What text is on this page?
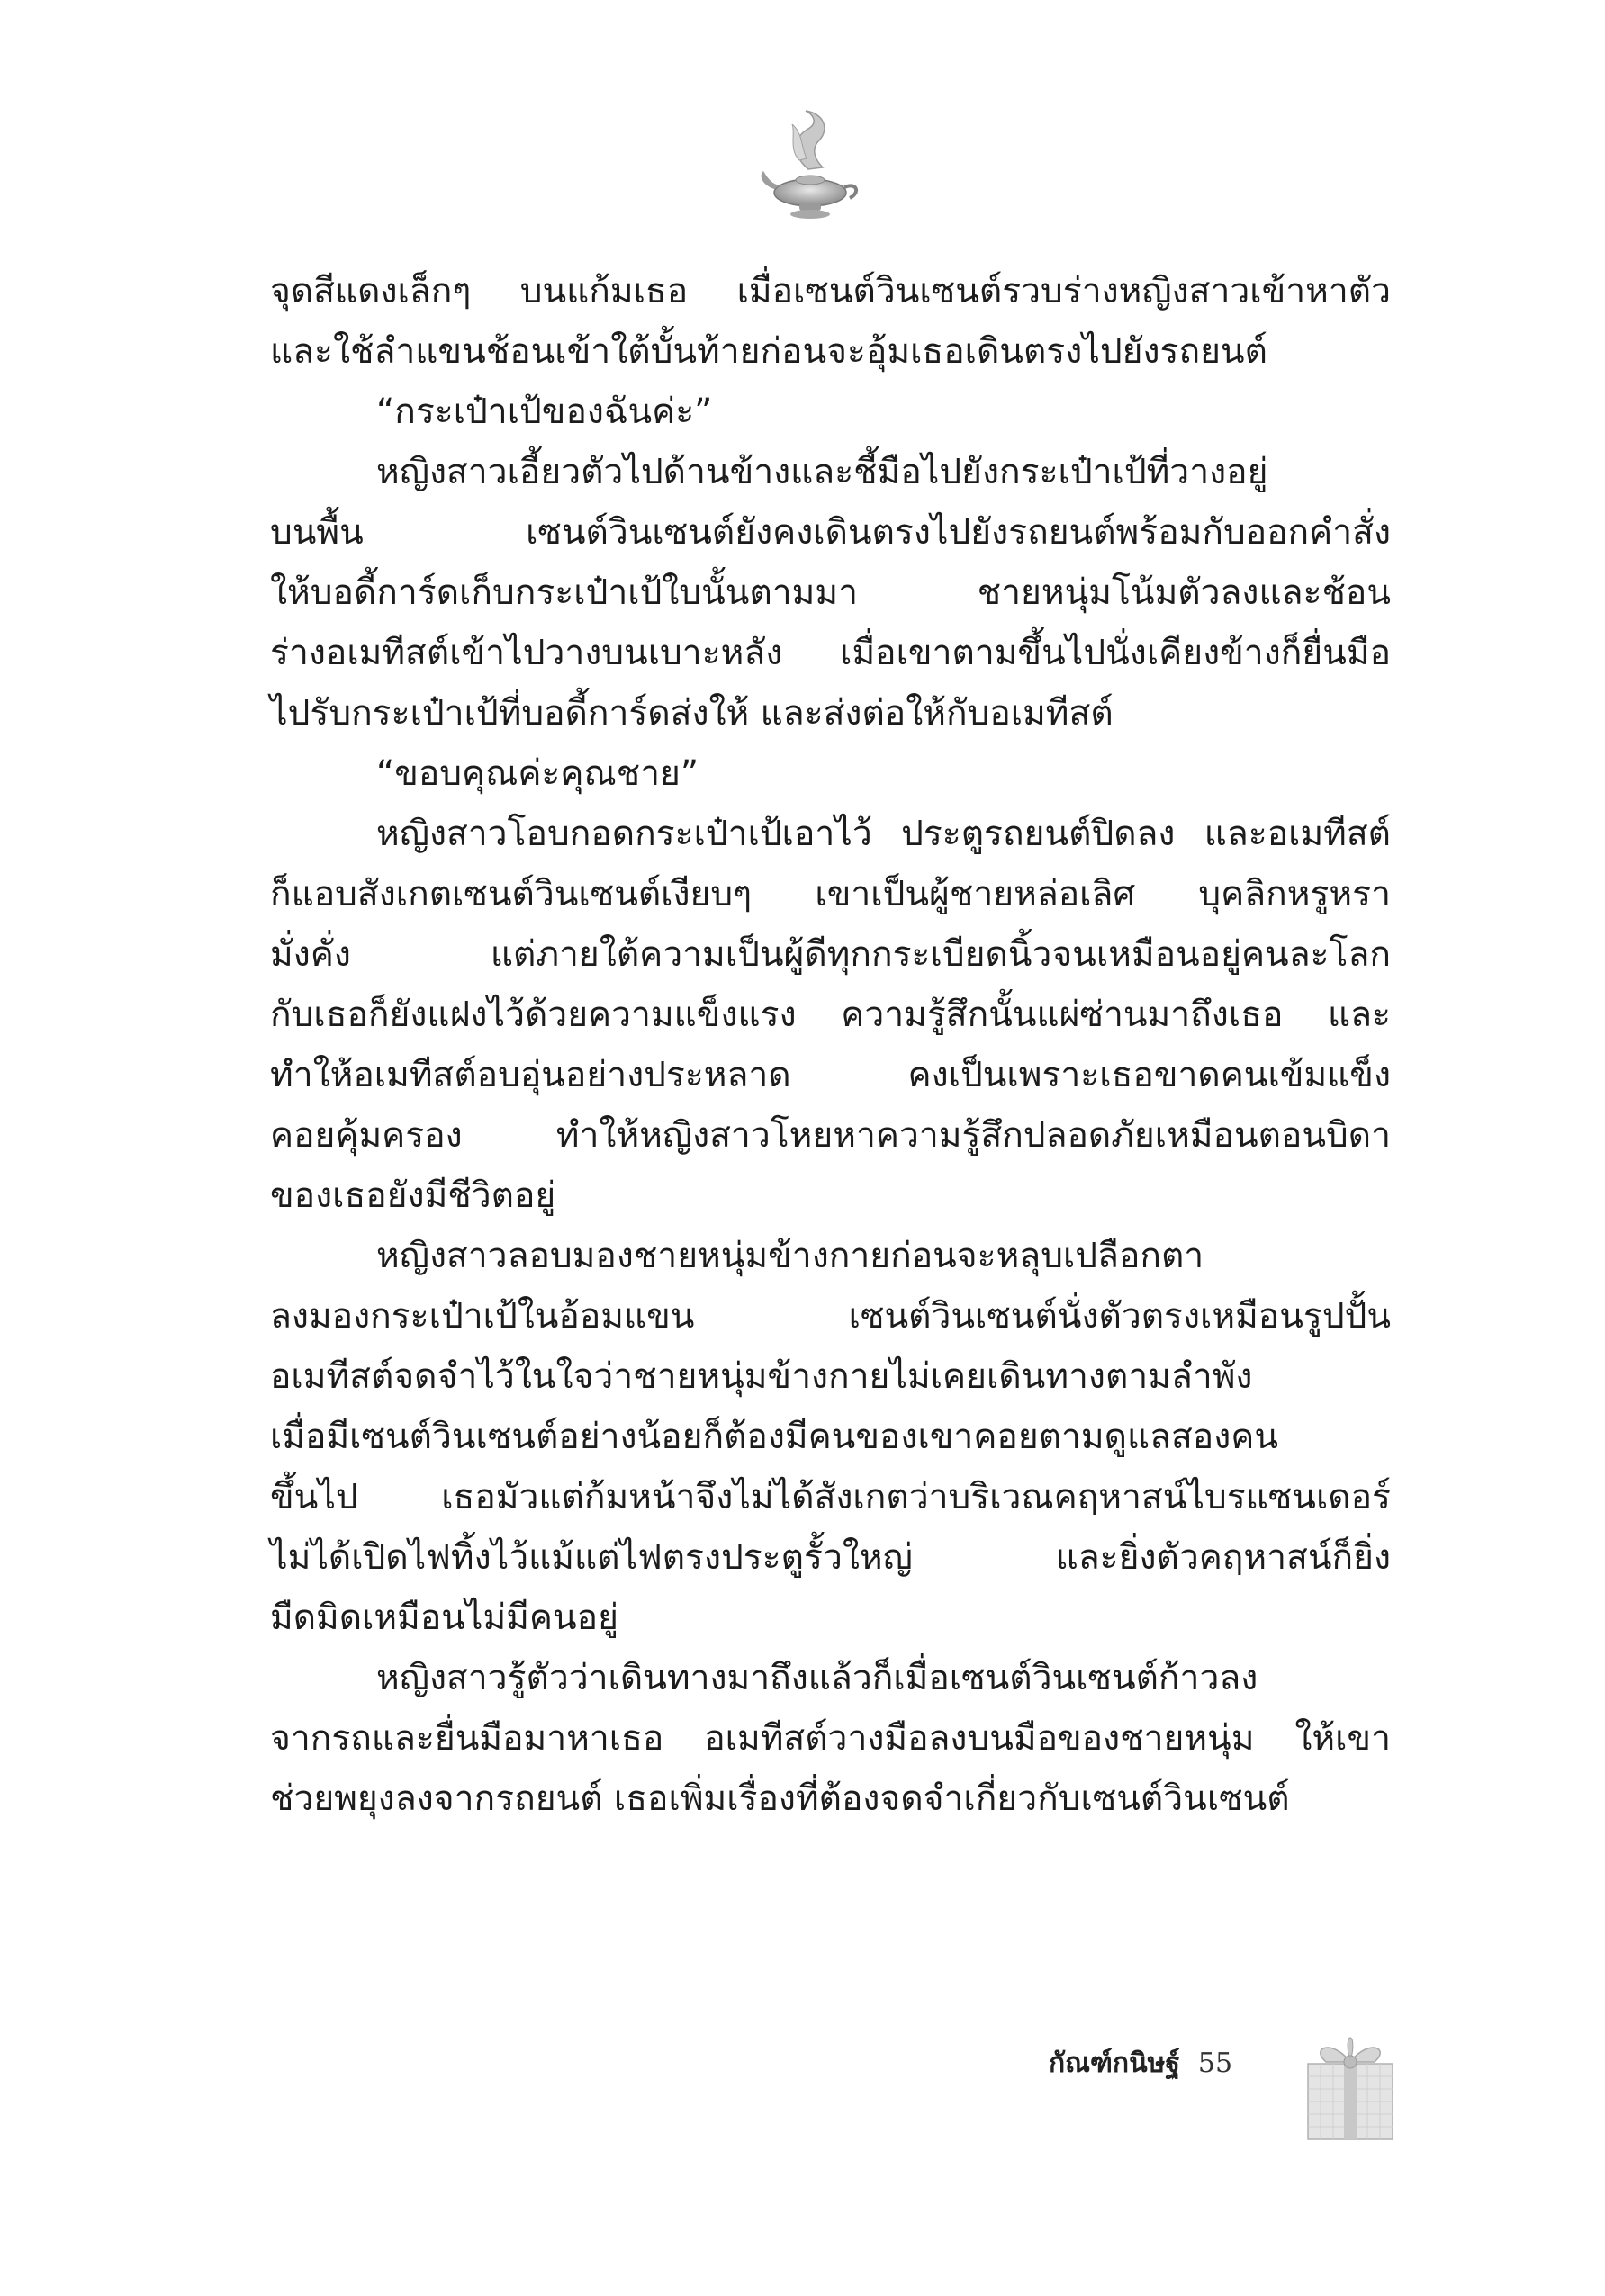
จุดสีแดงเล็กๆ บนแก้มเธอ เมื่อเซนต์วินเซนต์รวบร่างหญิงสาวเข้าหาตัว

และใช้ลำแขนช้อนเข้าใต้บั้นท้ายก่อนจะอุ้มเธอเดินตรงไปยังรถยนต์

“กระเป๋าเป้ของฉันค่ะ”

หญิงสาวเอี้ยวตัวไปด้านข้างและชี้มือไปยังกระเป๋าเป้ที่วางอยู่

บนพื้น เซนต์วินเซนต์ยังคงเดินตรงไปยังรถยนต์พร้อมกับออกคำสั่ง

ให้บอดี้การ์ดเก็บกระเป๋าเป้ใบนั้นตามมา ชายหนุ่มโน้มตัวลงและช้อน

ร่างอเมทีสต์เข้าไปวางบนเบาะหลัง เมื่อเขาตามขึ้นไปนั่งเคียงข้างก็ยื่นมือ

ไปรับกระเป๋าเป้ที่บอดี้การ์ดส่งให้ และส่งต่อให้กับอเมทีสต์

“ขอบคุณค่ะคุณชาย”

หญิงสาวโอบกอดกระเป๋าเป้เอาไว้ ประตูรถยนต์ปิดลง และอเมทีสต์

ก็แอบสังเกตเซนต์วินเซนต์เงียบๆ เขาเป็นผู้ชายหล่อเลิศ บุคลิกหรูหรา

มั่งคั่ง แต่ภายใต้ความเป็นผู้ดีทุกกระเบียดนิ้วจนเหมือนอยู่คนละโลก

กับเธอก็ยังแฝงไว้ด้วยความแข็งแรง ความรู้สึกนั้นแผ่ซ่านมาถึงเธอ และ

ทำให้อเมทีสต์อบอุ่นอย่างประหลาด คงเป็นเพราะเธอขาดคนเข้มแข็ง

คอยคุ้มครอง ทำให้หญิงสาวโหยหาความรู้สึกปลอดภัยเหมือนตอนบิดา

ของเธอยังมีชีวิตอยู่

หญิงสาวลอบมองชายหนุ่มข้างกายก่อนจะหลุบเปลือกตา

ลงมองกระเป๋าเป้ในอ้อมแขน เซนต์วินเซนต์นั่งตัวตรงเหมือนรูปปั้น

อเมทีสต์จดจำไว้ในใจว่าชายหนุ่มข้างกายไม่เคยเดินทางตามลำพัง

เมื่อมีเซนต์วินเซนต์อย่างน้อยก็ต้องมีคนของเขาคอยตามดูแลสองคน

ขึ้นไป เธอมัวแต่ก้มหน้าจึงไม่ได้สังเกตว่าบริเวณคฤหาสน์ไบรแซนเดอร์

ไม่ได้เปิดไฟทิ้งไว้แม้แต่ไฟตรงประตูรั้วใหญ่ และยิ่งตัวคฤหาสน์ก็ยิ่ง

มืดมิดเหมือนไม่มีคนอยู่

หญิงสาวรู้ตัวว่าเดินทางมาถึงแล้วก็เมื่อเซนต์วินเซนต์ก้าวลง

จากรถและยื่นมือมาหาเธอ อเมทีสต์วางมือลงบนมือของชายหนุ่ม ให้เขา

ช่วยพยุงลงจากรถยนต์ เธอเพิ่มเรื่องที่ต้องจดจำเกี่ยวกับเซนต์วินเซนต์

กัณฑ์กนิษฐ์ 55
